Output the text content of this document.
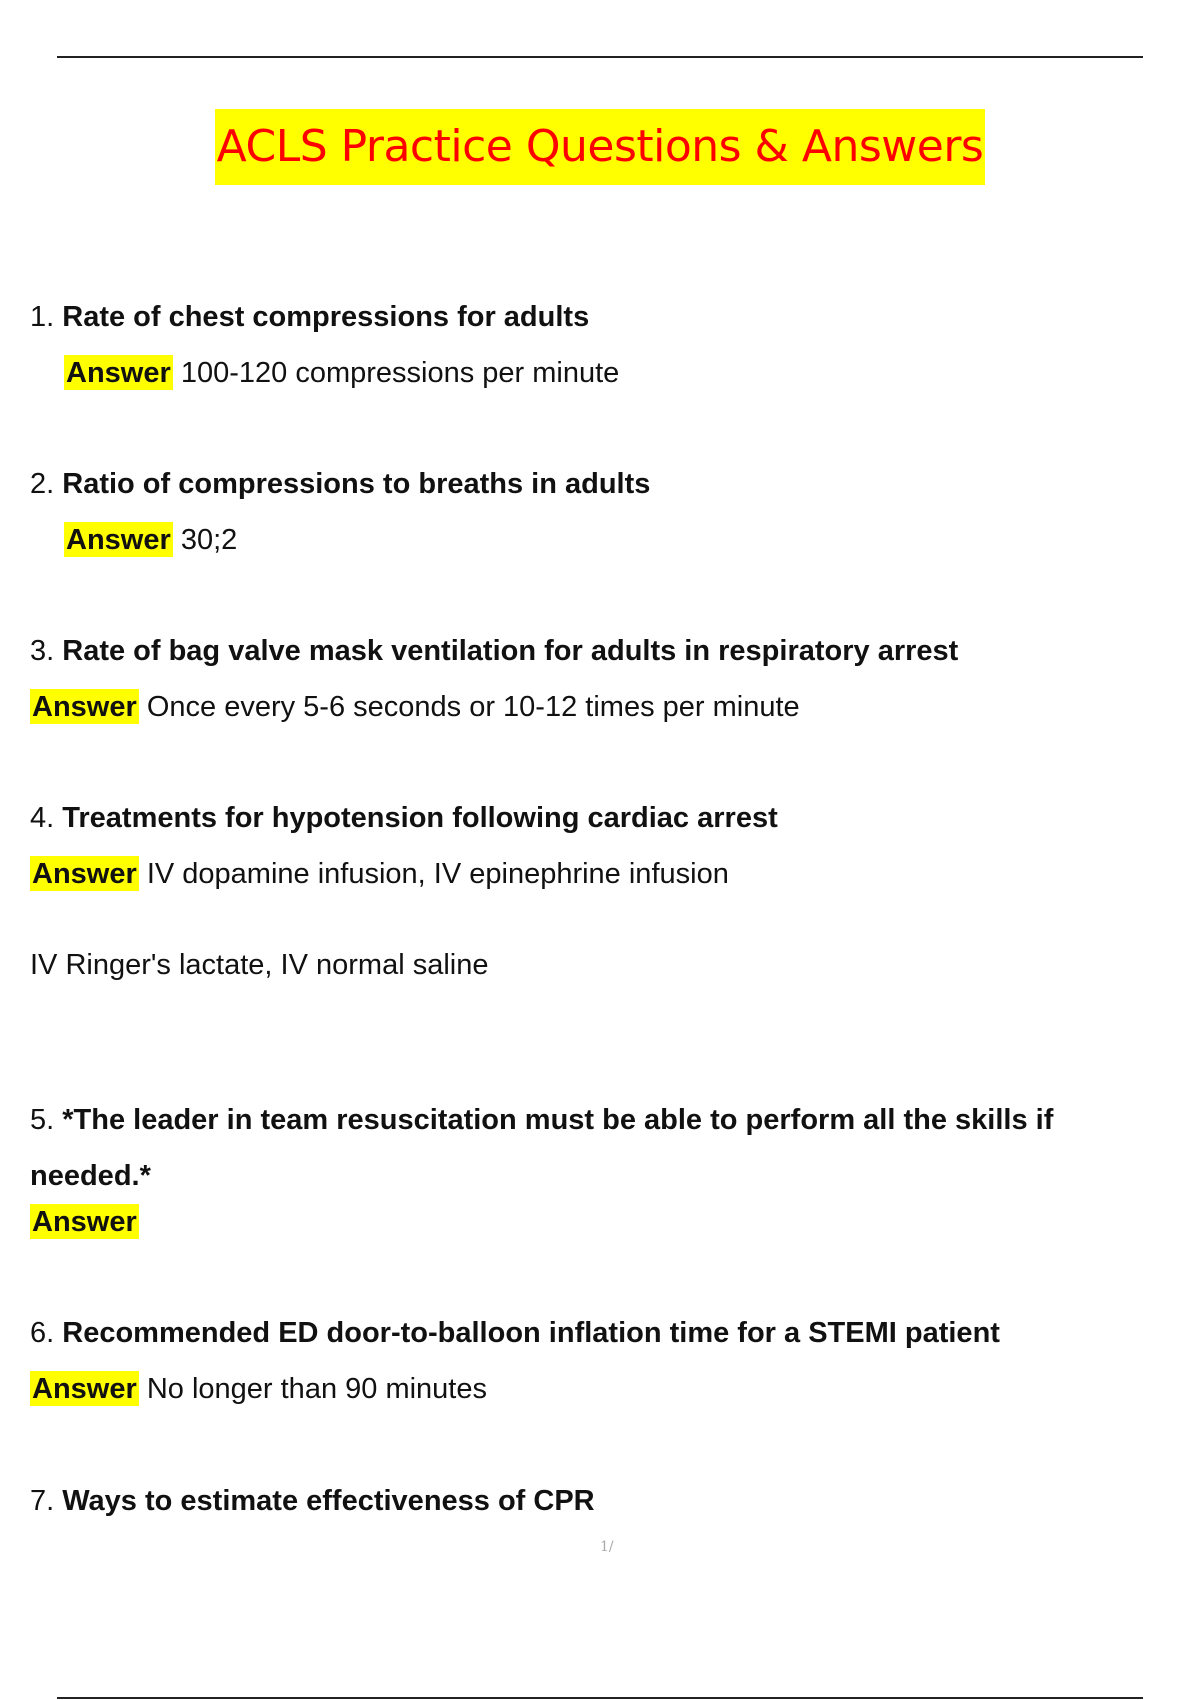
ACLS Practice Questions & Answers
1. Rate of chest compressions for adults
Answer 100-120 compressions per minute
2. Ratio of compressions to breaths in adults
Answer 30;2
3. Rate of bag valve mask ventilation for adults in respiratory arrest
Answer Once every 5-6 seconds or 10-12 times per minute
4. Treatments for hypotension following cardiac arrest
Answer IV dopamine infusion, IV epinephrine infusion
IV Ringer's lactate, IV normal saline
5. *The leader in team resuscitation must be able to perform all the skills if needed.*
Answer
6. Recommended ED door-to-balloon inflation time for a STEMI patient
Answer No longer than 90 minutes
7. Ways to estimate effectiveness of CPR
1/
